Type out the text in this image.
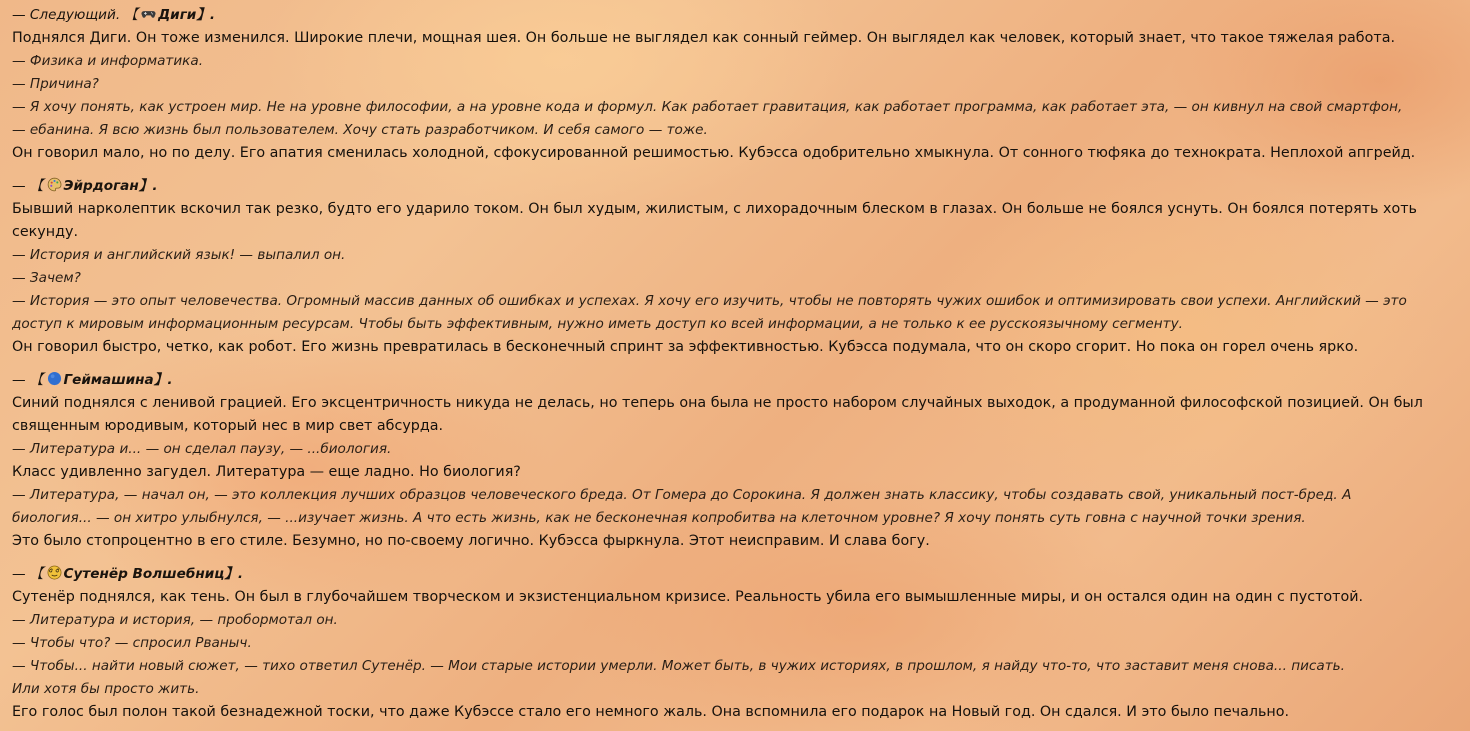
— Следующий. 【 Диги】.

Поднялся Диги. Он тоже изменился. Широкие плечи, мощная шея. Он больше не выглядел как сонный геймер. Он выглядел как человек, который знает, что такое тяжелая работа.

— Физика и информатика.

— Причина?

— Я хочу понять, как устроен мир. Не на уровне философии, а на уровне кода и формул. Как работает гравитация, как работает программа, как работает эта, — он кивнул на свой смартфон,

— ебанина. Я всю жизнь был пользователем. Хочу стать разработчиком. И себя самого — тоже.

Он говорил мало, но по делу. Его апатия сменилась холодной, сфокусированной решимостью. Кубэсса одобрительно хмыкнула. От сонного тюфяка до технократа. Неплохой апгрейд.

— 【 Эйрдоган】.

Бывший нарколептик вскочил так резко, будто его ударило током. Он был худым, жилистым, с лихорадочным блеском в глазах. Он больше не боялся уснуть. Он боялся потерять хоть

секунду.

— История и английский язык! — выпалил он.

— Зачем?

— История — это опыт человечества. Огромный массив данных об ошибках и успехах. Я хочу его изучить, чтобы не повторять чужих ошибок и оптимизировать свои успехи. Английский — это

доступ к мировым информационным ресурсам. Чтобы быть эффективным, нужно иметь доступ ко всей информации, а не только к ее русскоязычному сегменту.

Он говорил быстро, четко, как робот. Его жизнь превратилась в бесконечный спринт за эффективностью. Кубэсса подумала, что он скоро сгорит. Но пока он горел очень ярко.

— 【 Геймашина】.

Синий поднялся с ленивой грацией. Его эксцентричность никуда не делась, но теперь она была не просто набором случайных выходок, а продуманной философской позицией. Он был

священным юродивым, который нес в мир свет абсурда.

— Литература и... — он сделал паузу, — ...биология.

Класс удивленно загудел. Литература — еще ладно. Но биология?

— Литература, — начал он, — это коллекция лучших образцов человеческого бреда. От Гомера до Сорокина. Я должен знать классику, чтобы создавать свой, уникальный пост-бред. А

биология... — он хитро улыбнулся, — ...изучает жизнь. А что есть жизнь, как не бесконечная копробитва на клеточном уровне? Я хочу понять суть говна с научной точки зрения.

Это было стопроцентно в его стиле. Безумно, но по-своему логично. Кубэсса фыркнула. Этот неисправим. И слава богу.

— 【 Сутенёр Волшебниц】.

Сутенёр поднялся, как тень. Он был в глубочайшем творческом и экзистенциальном кризисе. Реальность убила его вымышленные миры, и он остался один на один с пустотой.

— Литература и история, — пробормотал он.

— Чтобы что? — спросил Рваныч.

— Чтобы... найти новый сюжет, — тихо ответил Сутенёр. — Мои старые истории умерли. Может быть, в чужих историях, в прошлом, я найду что-то, что заставит меня снова... писать.

Или хотя бы просто жить.

Его голос был полон такой безнадежной тоски, что даже Кубэссе стало его немного жаль. Она вспомнила его подарок на Новый год. Он сдался. И это было печально.
